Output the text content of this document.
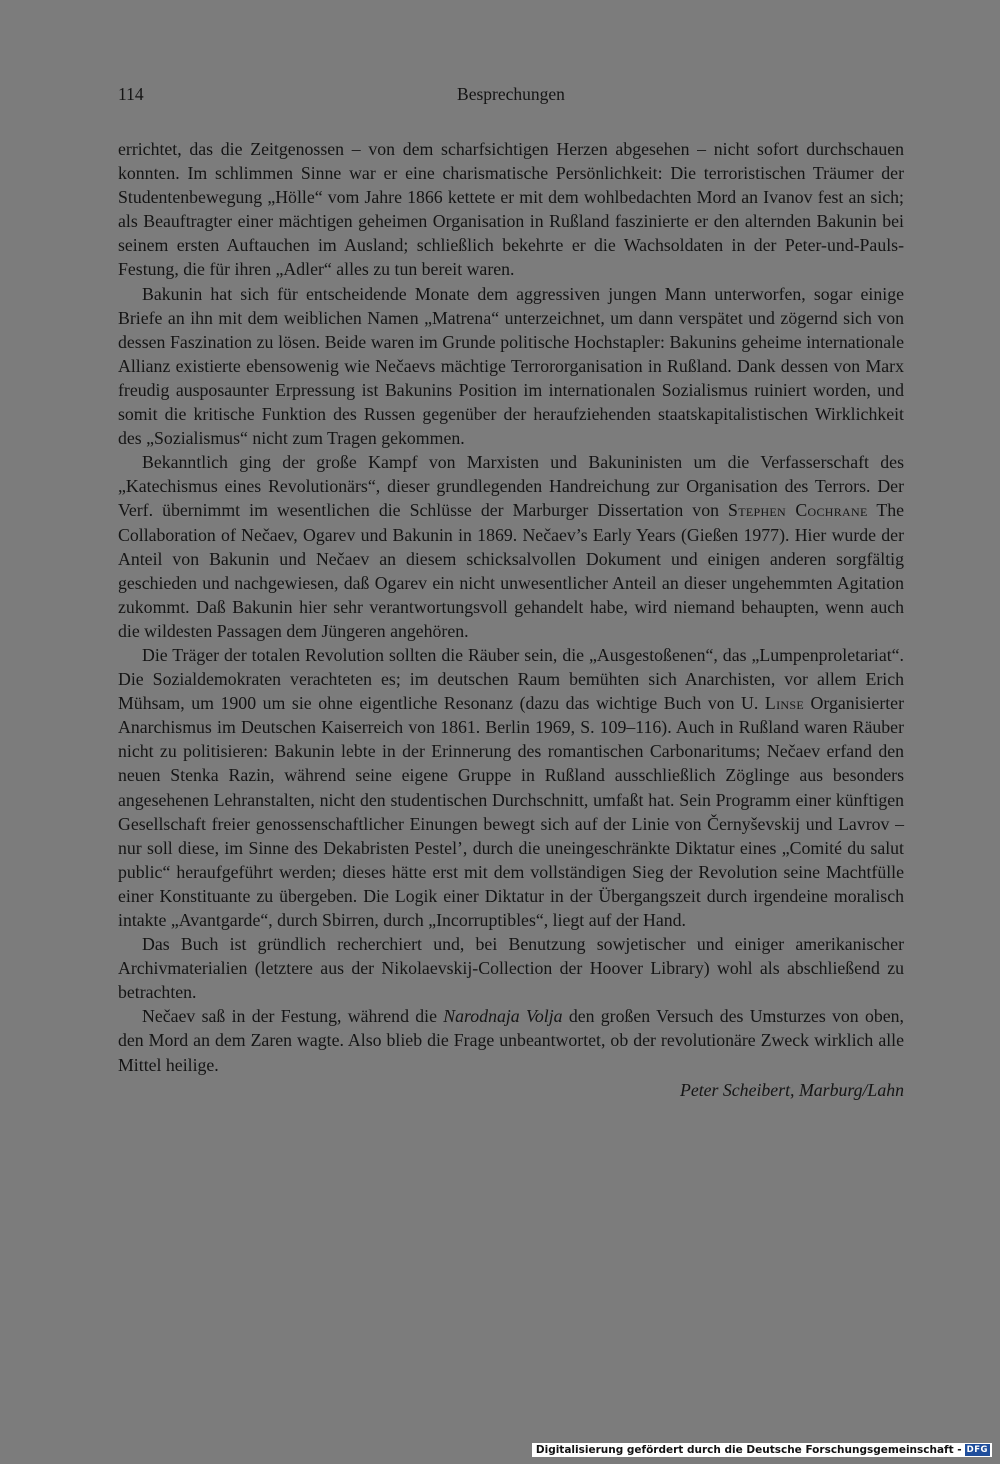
114	Besprechungen

errichtet, das die Zeitgenossen – von dem scharfsichtigen Herzen abgesehen – nicht sofort durchschauen konnten. Im schlimmen Sinne war er eine charismatische Persönlichkeit: Die terroristischen Träumer der Studentenbewegung „Hölle“ vom Jahre 1866 kettete er mit dem wohlbedachten Mord an Ivanov fest an sich; als Beauftragter einer mächtigen geheimen Organisation in Rußland faszinierte er den alternden Bakunin bei seinem ersten Auftauchen im Ausland; schließlich bekehrte er die Wachsoldaten in der Peter-und-Pauls-Festung, die für ihren „Adler“ alles zu tun bereit waren.

Bakunin hat sich für entscheidende Monate dem aggressiven jungen Mann unterworfen, sogar einige Briefe an ihn mit dem weiblichen Namen „Matrena“ unterzeichnet, um dann verspätet und zögernd sich von dessen Faszination zu lösen. Beide waren im Grunde politische Hochstapler: Bakunins geheime internationale Allianz existierte ebensowenig wie Nečaevs mächtige Terrororganisation in Rußland. Dank dessen von Marx freudig ausposaunter Erpressung ist Bakunins Position im internationalen Sozialismus ruiniert worden, und somit die kritische Funktion des Russen gegenüber der heraufziehenden staatskapitalistischen Wirklichkeit des „Sozialismus“ nicht zum Tragen gekommen.

Bekanntlich ging der große Kampf von Marxisten und Bakuninisten um die Verfasserschaft des „Katechismus eines Revolutionärs“, dieser grundlegenden Handreichung zur Organisation des Terrors. Der Verf. übernimmt im wesentlichen die Schlüsse der Marburger Dissertation von Stephen Cochrane The Collaboration of Nečaev, Ogarev und Bakunin in 1869. Nečaev’s Early Years (Gießen 1977). Hier wurde der Anteil von Bakunin und Nečaev an diesem schicksalvollen Dokument und einigen anderen sorgfältig geschieden und nachgewiesen, daß Ogarev ein nicht unwesentlicher Anteil an dieser ungehemmten Agitation zukommt. Daß Bakunin hier sehr verantwortungsvoll gehandelt habe, wird niemand behaupten, wenn auch die wildesten Passagen dem Jüngeren angehören.

Die Träger der totalen Revolution sollten die Räuber sein, die „Ausgestoßenen“, das „Lumpenproletariat“. Die Sozialdemokraten verachteten es; im deutschen Raum bemühten sich Anarchisten, vor allem Erich Mühsam, um 1900 um sie ohne eigentliche Resonanz (dazu das wichtige Buch von U. Linse Organisierter Anarchismus im Deutschen Kaiserreich von 1861. Berlin 1969, S. 109–116). Auch in Rußland waren Räuber nicht zu politisieren: Bakunin lebte in der Erinnerung des romantischen Carbonaritums; Nečaev erfand den neuen Stenka Razin, während seine eigene Gruppe in Rußland ausschließlich Zöglinge aus besonders angesehenen Lehranstalten, nicht den studentischen Durchschnitt, umfaßt hat. Sein Programm einer künftigen Gesellschaft freier genossenschaftlicher Einungen bewegt sich auf der Linie von Černyševskij und Lavrov – nur soll diese, im Sinne des Dekabristen Pestel’, durch die uneingeschränkte Diktatur eines „Comité du salut public“ heraufgeführt werden; dieses hätte erst mit dem vollständigen Sieg der Revolution seine Machtfülle einer Konstituante zu übergeben. Die Logik einer Diktatur in der Übergangszeit durch irgendeine moralisch intakte „Avantgarde“, durch Sbirren, durch „Incorruptibles“, liegt auf der Hand.

Das Buch ist gründlich recherchiert und, bei Benutzung sowjetischer und einiger amerikanischer Archivmaterialien (letztere aus der Nikolaevskij-Collection der Hoover Library) wohl als abschließend zu betrachten.

Nečaev saß in der Festung, während die Narodnaja Volja den großen Versuch des Umsturzes von oben, den Mord an dem Zaren wagte. Also blieb die Frage unbeantwortet, ob der revolutionäre Zweck wirklich alle Mittel heilige.

Peter Scheibert, Marburg/Lahn
Digitalisierung gefördert durch die Deutsche Forschungsgemeinschaft - DFG
